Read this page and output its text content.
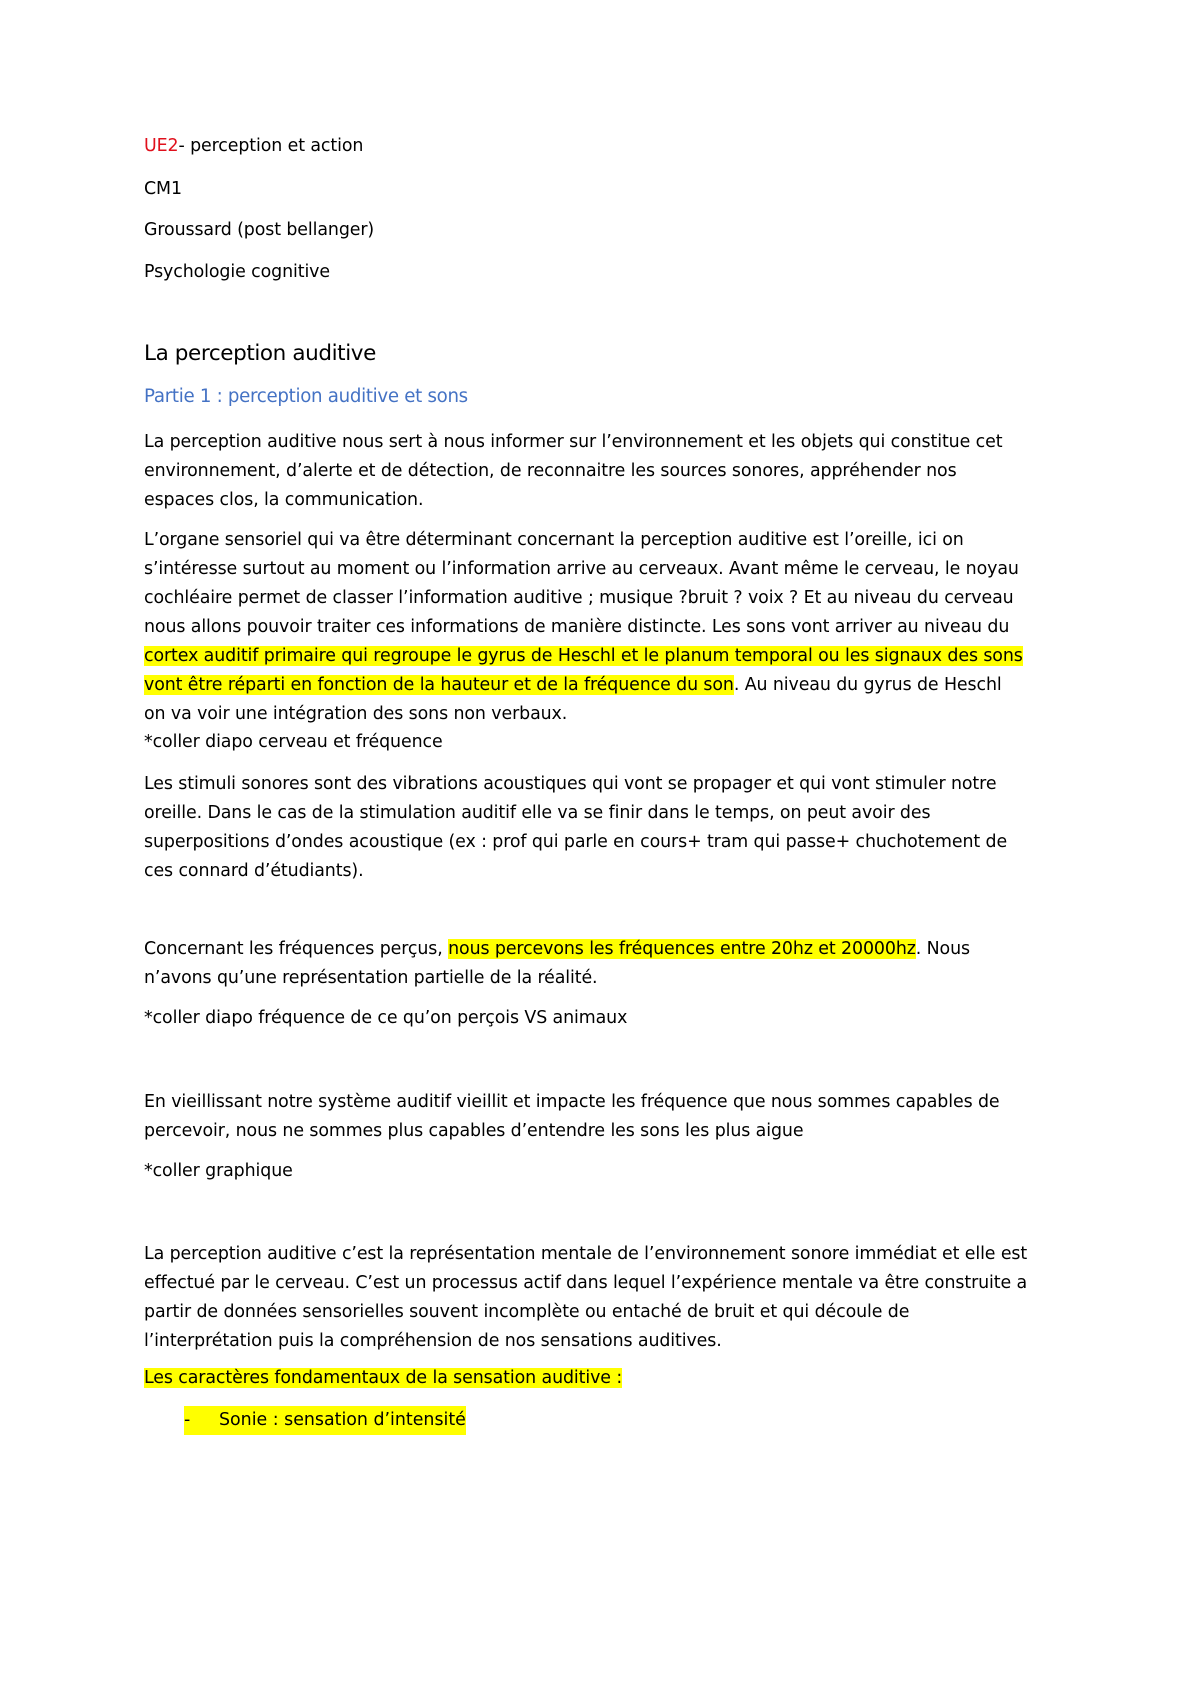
UE2- perception et action

CM1

Groussard (post bellanger)

Psychologie cognitive

La perception auditive
Partie 1 : perception auditive et sons
La perception auditive nous sert à nous informer sur l’environnement et les objets qui constitue cet
environnement, d’alerte et de détection, de reconnaitre les sources sonores, appréhender nos
espaces clos, la communication.
L’organe sensoriel qui va être déterminant concernant la perception auditive est l’oreille, ici on
s’intéresse surtout au moment ou l’information arrive au cerveaux. Avant même le cerveau, le noyau
cochléaire permet de classer l’information auditive ; musique ?bruit ? voix ? Et au niveau du cerveau
nous allons pouvoir traiter ces informations de manière distincte. Les sons vont arriver au niveau du
cortex auditif primaire qui regroupe le gyrus de Heschl et le planum temporal ou les signaux des sons
vont être réparti en fonction de la hauteur et de la fréquence du son. Au niveau du gyrus de Heschl
on va voir une intégration des sons non verbaux.

*coller diapo cerveau et fréquence

Les stimuli sonores sont des vibrations acoustiques qui vont se propager et qui vont stimuler notre
oreille. Dans le cas de la stimulation auditif elle va se finir dans le temps, on peut avoir des
superpositions d’ondes acoustique (ex : prof qui parle en cours+ tram qui passe+ chuchotement de
ces connard d’étudiants).
Concernant les fréquences perçus, nous percevons les fréquences entre 20hz et 20000hz. Nous
n’avons qu’une représentation partielle de la réalité.

*coller diapo fréquence de ce qu’on perçois VS animaux

En vieillissant notre système auditif vieillit et impacte les fréquence que nous sommes capables de
percevoir, nous ne sommes plus capables d’entendre les sons les plus aigue

*coller graphique

La perception auditive c’est la représentation mentale de l’environnement sonore immédiat et elle est
effectué par le cerveau. C’est un processus actif dans lequel l’expérience mentale va être construite a
partir de données sensorielles souvent incomplète ou entaché de bruit et qui découle de
l’interprétation puis la compréhension de nos sensations auditives.

Les caractères fondamentaux de la sensation auditive :

- Sonie : sensation d’intensité
